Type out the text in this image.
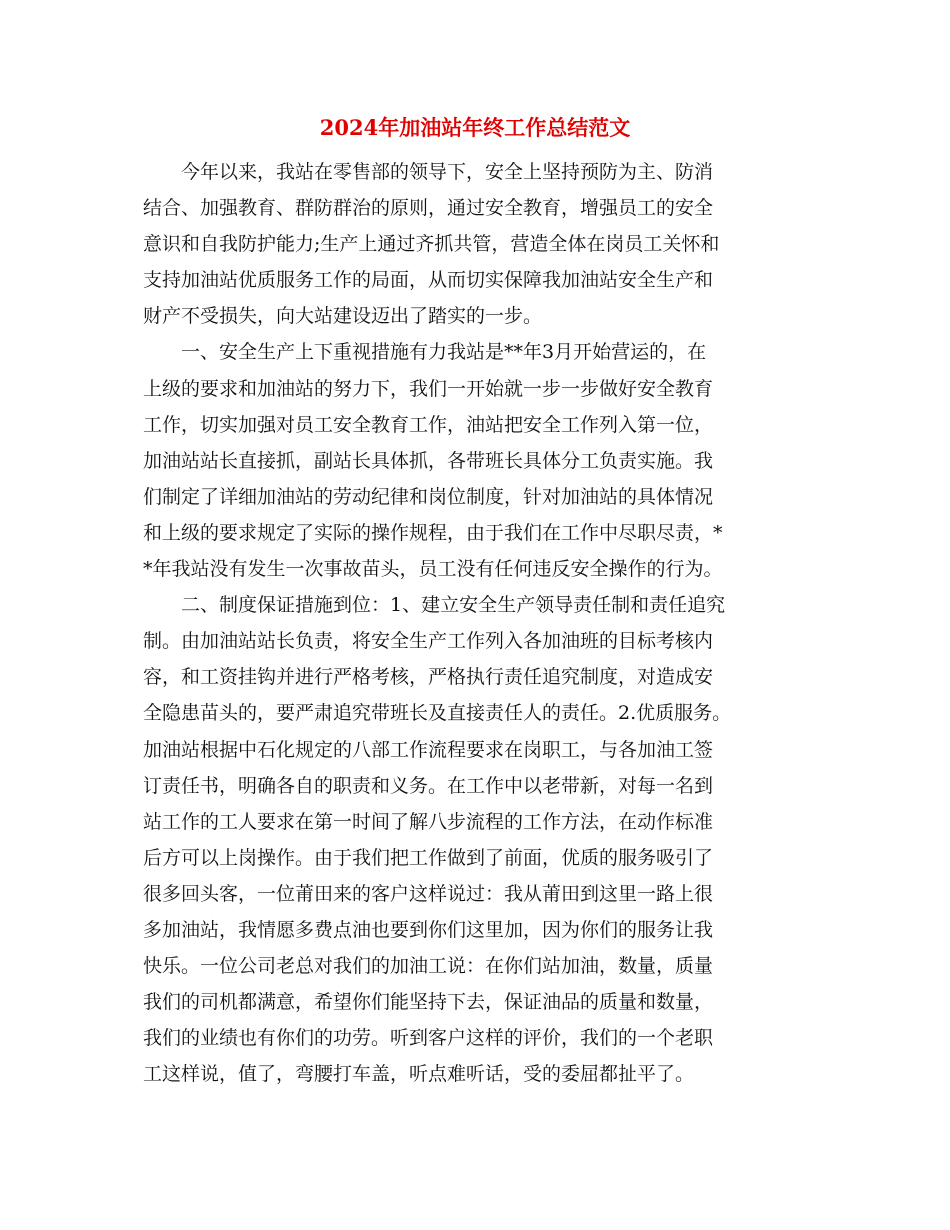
2024年加油站年终工作总结范文
今年以来，我站在零售部的领导下，安全上坚持预防为主、防消
结合、加强教育、群防群治的原则，通过安全教育，增强员工的安全
意识和自我防护能力;生产上通过齐抓共管，营造全体在岗员工关怀和
支持加油站优质服务工作的局面，从而切实保障我加油站安全生产和
财产不受损失，向大站建设迈出了踏实的一步。
一、安全生产上下重视措施有力我站是**年3月开始营运的，在
上级的要求和加油站的努力下，我们一开始就一步一步做好安全教育
工作，切实加强对员工安全教育工作，油站把安全工作列入第一位，
加油站站长直接抓，副站长具体抓，各带班长具体分工负责实施。我
们制定了详细加油站的劳动纪律和岗位制度，针对加油站的具体情况
和上级的要求规定了实际的操作规程，由于我们在工作中尽职尽责，*
*年我站没有发生一次事故苗头，员工没有任何违反安全操作的行为。
二、制度保证措施到位：1、建立安全生产领导责任制和责任追究
制。由加油站站长负责，将安全生产工作列入各加油班的目标考核内
容，和工资挂钩并进行严格考核，严格执行责任追究制度，对造成安
全隐患苗头的，要严肃追究带班长及直接责任人的责任。2.优质服务。
加油站根据中石化规定的八部工作流程要求在岗职工，与各加油工签
订责任书，明确各自的职责和义务。在工作中以老带新，对每一名到
站工作的工人要求在第一时间了解八步流程的工作方法，在动作标准
后方可以上岗操作。由于我们把工作做到了前面，优质的服务吸引了
很多回头客，一位莆田来的客户这样说过：我从莆田到这里一路上很
多加油站，我情愿多费点油也要到你们这里加，因为你们的服务让我
快乐。一位公司老总对我们的加油工说：在你们站加油，数量，质量
我们的司机都满意，希望你们能坚持下去，保证油品的质量和数量，
我们的业绩也有你们的功劳。听到客户这样的评价，我们的一个老职
工这样说，值了，弯腰打车盖，听点难听话，受的委屈都扯平了。
